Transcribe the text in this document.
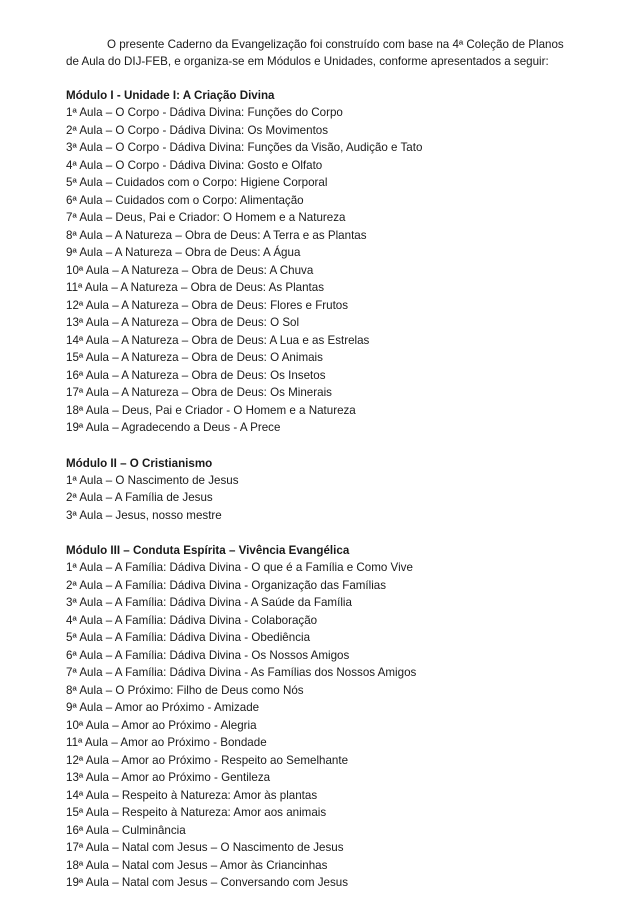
O presente Caderno da Evangelização foi construído com base na 4ª Coleção de Planos de Aula do DIJ-FEB, e organiza-se em Módulos e Unidades, conforme apresentados a seguir:

Módulo I - Unidade I: A Criação Divina

1ª Aula – O Corpo - Dádiva Divina: Funções do Corpo
2ª Aula – O Corpo - Dádiva Divina: Os Movimentos
3ª Aula – O Corpo - Dádiva Divina: Funções da Visão, Audição e Tato
4ª Aula – O Corpo - Dádiva Divina: Gosto e Olfato
5ª Aula – Cuidados com o Corpo: Higiene Corporal
6ª Aula – Cuidados com o Corpo: Alimentação
7ª Aula – Deus, Pai e Criador: O Homem e a Natureza
8ª Aula – A Natureza – Obra de Deus: A Terra e as Plantas
9ª Aula – A Natureza – Obra de Deus: A Água
10ª Aula – A Natureza – Obra de Deus: A Chuva
11ª Aula – A Natureza – Obra de Deus: As Plantas
12ª Aula – A Natureza – Obra de Deus: Flores e Frutos
13ª Aula – A Natureza – Obra de Deus: O Sol
14ª Aula – A Natureza – Obra de Deus: A Lua e as Estrelas
15ª Aula – A Natureza – Obra de Deus: O Animais
16ª Aula – A Natureza – Obra de Deus: Os Insetos
17ª Aula – A Natureza – Obra de Deus: Os Minerais
18ª Aula – Deus, Pai e Criador - O Homem e a Natureza
19ª Aula – Agradecendo a Deus - A Prece

Módulo II – O Cristianismo

1ª Aula – O Nascimento de Jesus
2ª Aula – A Família de Jesus
3ª Aula – Jesus, nosso mestre

Módulo III – Conduta Espírita – Vivência Evangélica

1ª Aula – A Família: Dádiva Divina - O que é a Família e Como Vive
2ª Aula – A Família: Dádiva Divina - Organização das Famílias
3ª Aula – A Família: Dádiva Divina - A Saúde da Família
4ª Aula – A Família: Dádiva Divina - Colaboração
5ª Aula – A Família: Dádiva Divina - Obediência
6ª Aula – A Família: Dádiva Divina - Os Nossos Amigos
7ª Aula – A Família: Dádiva Divina - As Famílias dos Nossos Amigos
8ª Aula – O Próximo: Filho de Deus como Nós
9ª Aula – Amor ao Próximo - Amizade
10ª Aula – Amor ao Próximo - Alegria
11ª Aula – Amor ao Próximo - Bondade
12ª Aula – Amor ao Próximo - Respeito ao Semelhante
13ª Aula – Amor ao Próximo - Gentileza
14ª Aula – Respeito à Natureza: Amor às plantas
15ª Aula – Respeito à Natureza: Amor aos animais
16ª Aula – Culminância
17ª Aula – Natal com Jesus – O Nascimento de Jesus
18ª Aula – Natal com Jesus – Amor às Criancinhas
19ª Aula – Natal com Jesus – Conversando com Jesus
